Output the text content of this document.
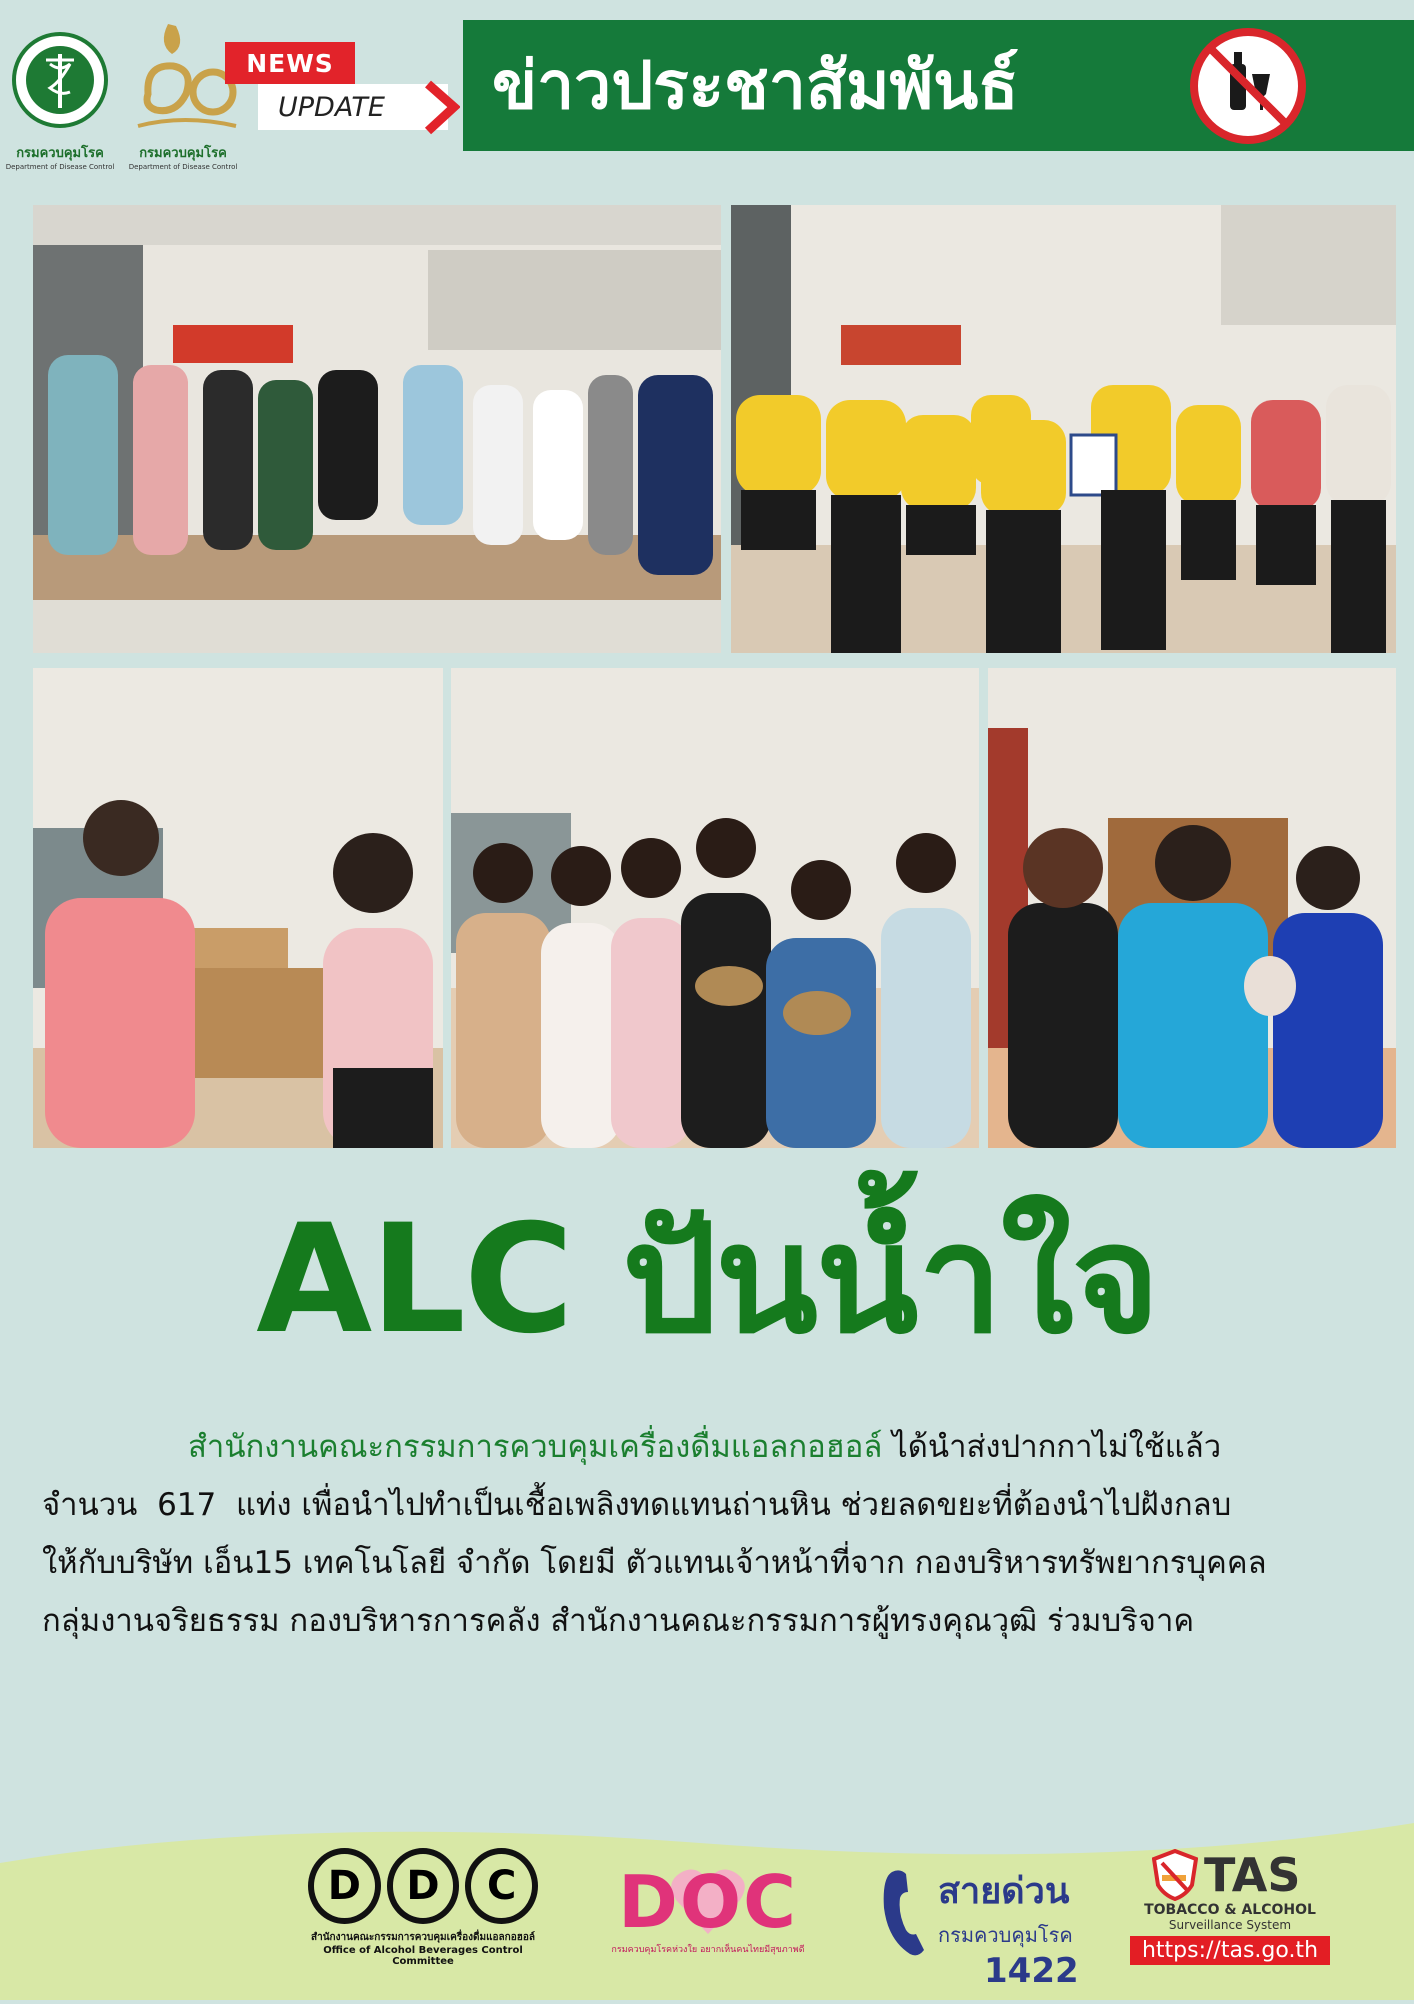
กรมควบคุมโรค
Department of Disease Control
กรมควบคุมโรค
Department of Disease Control
NEWS
UPDATE	ข่าวประชาสัมพันธ์
ALC ปันน้ำใจ
สำนักงานคณะกรรมการควบคุมเครื่องดื่มแอลกอฮอล์ ได้นำส่งปากกาไม่ใช้แล้ว
จำนวน  617  แท่ง เพื่อนำไปทำเป็นเชื้อเพลิงทดแทนถ่านหิน ช่วยลดขยะที่ต้องนำไปฝังกลบ
ให้กับบริษัท เอ็น15 เทคโนโลยี จำกัด โดยมี ตัวแทนเจ้าหน้าที่จาก กองบริหารทรัพยากรบุคคล
กลุ่มงานจริยธรรม กองบริหารการคลัง สำนักงานคณะกรรมการผู้ทรงคุณวุฒิ ร่วมบริจาค
D	D	C
สำนักงานคณะกรรมการควบคุมเครื่องดื่มแอลกอฮอล์
Office of Alcohol Beverages Control Committee
DOC
กรมควบคุมโรคห่วงใย อยากเห็นคนไทยมีสุขภาพดี
สายด่วน
กรมควบคุมโรค
1422
TAS
TOBACCO & ALCOHOL
Surveillance System
https://tas.go.th
